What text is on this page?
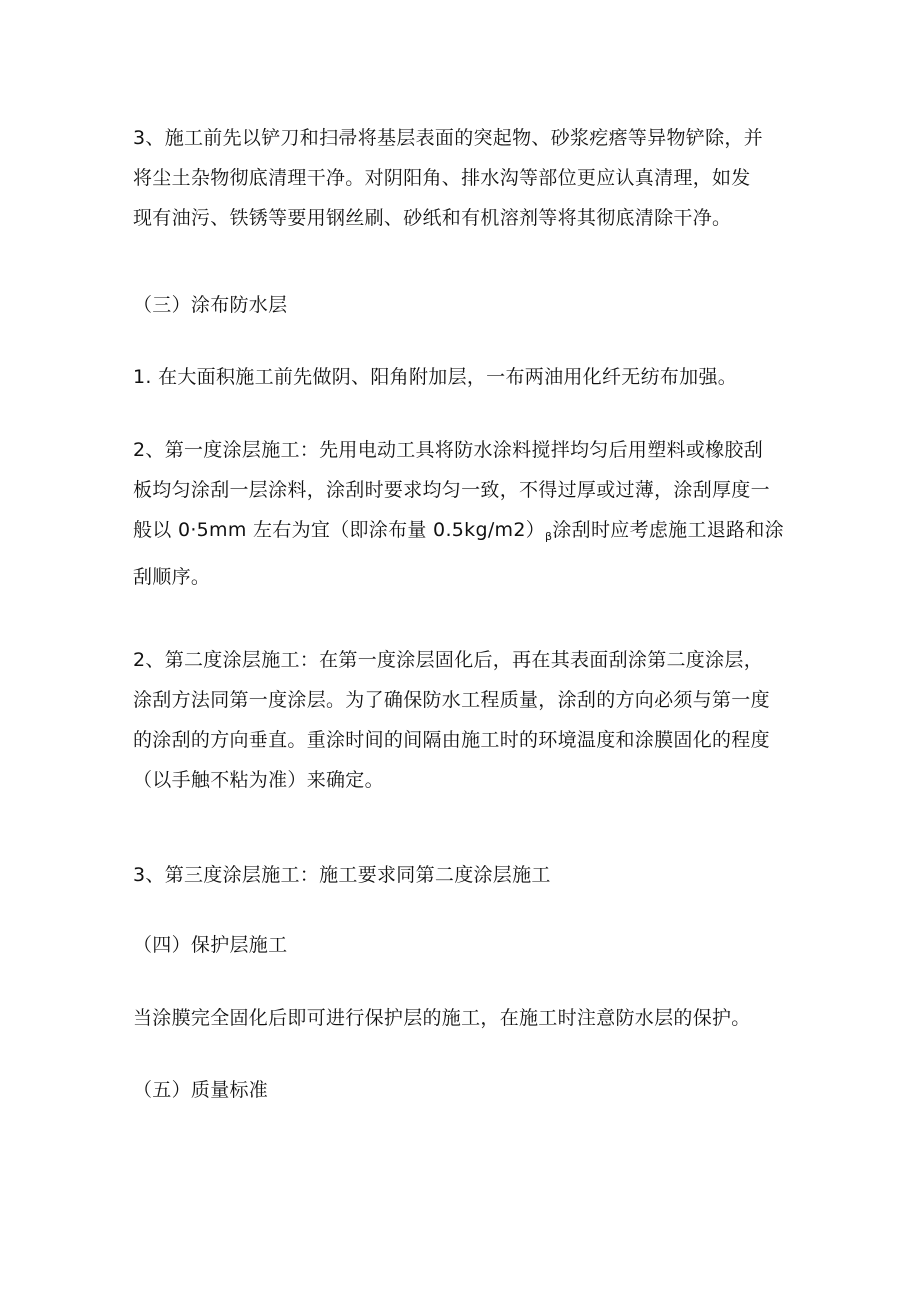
3、施工前先以铲刀和扫帚将基层表面的突起物、砂浆疙瘩等异物铲除，并
将尘土杂物彻底清理干净。对阴阳角、排水沟等部位更应认真清理，如发
现有油污、铁锈等要用钢丝刷、砂纸和有机溶剂等将其彻底清除干净。

（三）涂布防水层

1. 在大面积施工前先做阴、阳角附加层，一布两油用化纤无纺布加强。

2、第一度涂层施工：先用电动工具将防水涂料搅拌均匀后用塑料或橡胶刮
板均匀涂刮一层涂料，涂刮时要求均匀一致，不得过厚或过薄，涂刮厚度一
般以 0·5mm 左右为宜（即涂布量 $0.5kg∕m2)_\beta$涂刮时应考虑施工退路和涂
刮顺序。

2、第二度涂层施工：在第一度涂层固化后，再在其表面刮涂第二度涂层，
涂刮方法同第一度涂层。为了确保防水工程质量，涂刮的方向必须与第一度
的涂刮的方向垂直。重涂时间的间隔由施工时的环境温度和涂膜固化的程度
（以手触不粘为准）来确定。

3、第三度涂层施工：施工要求同第二度涂层施工

（四）保护层施工

当涂膜完全固化后即可进行保护层的施工，在施工时注意防水层的保护。

（五）质量标准
